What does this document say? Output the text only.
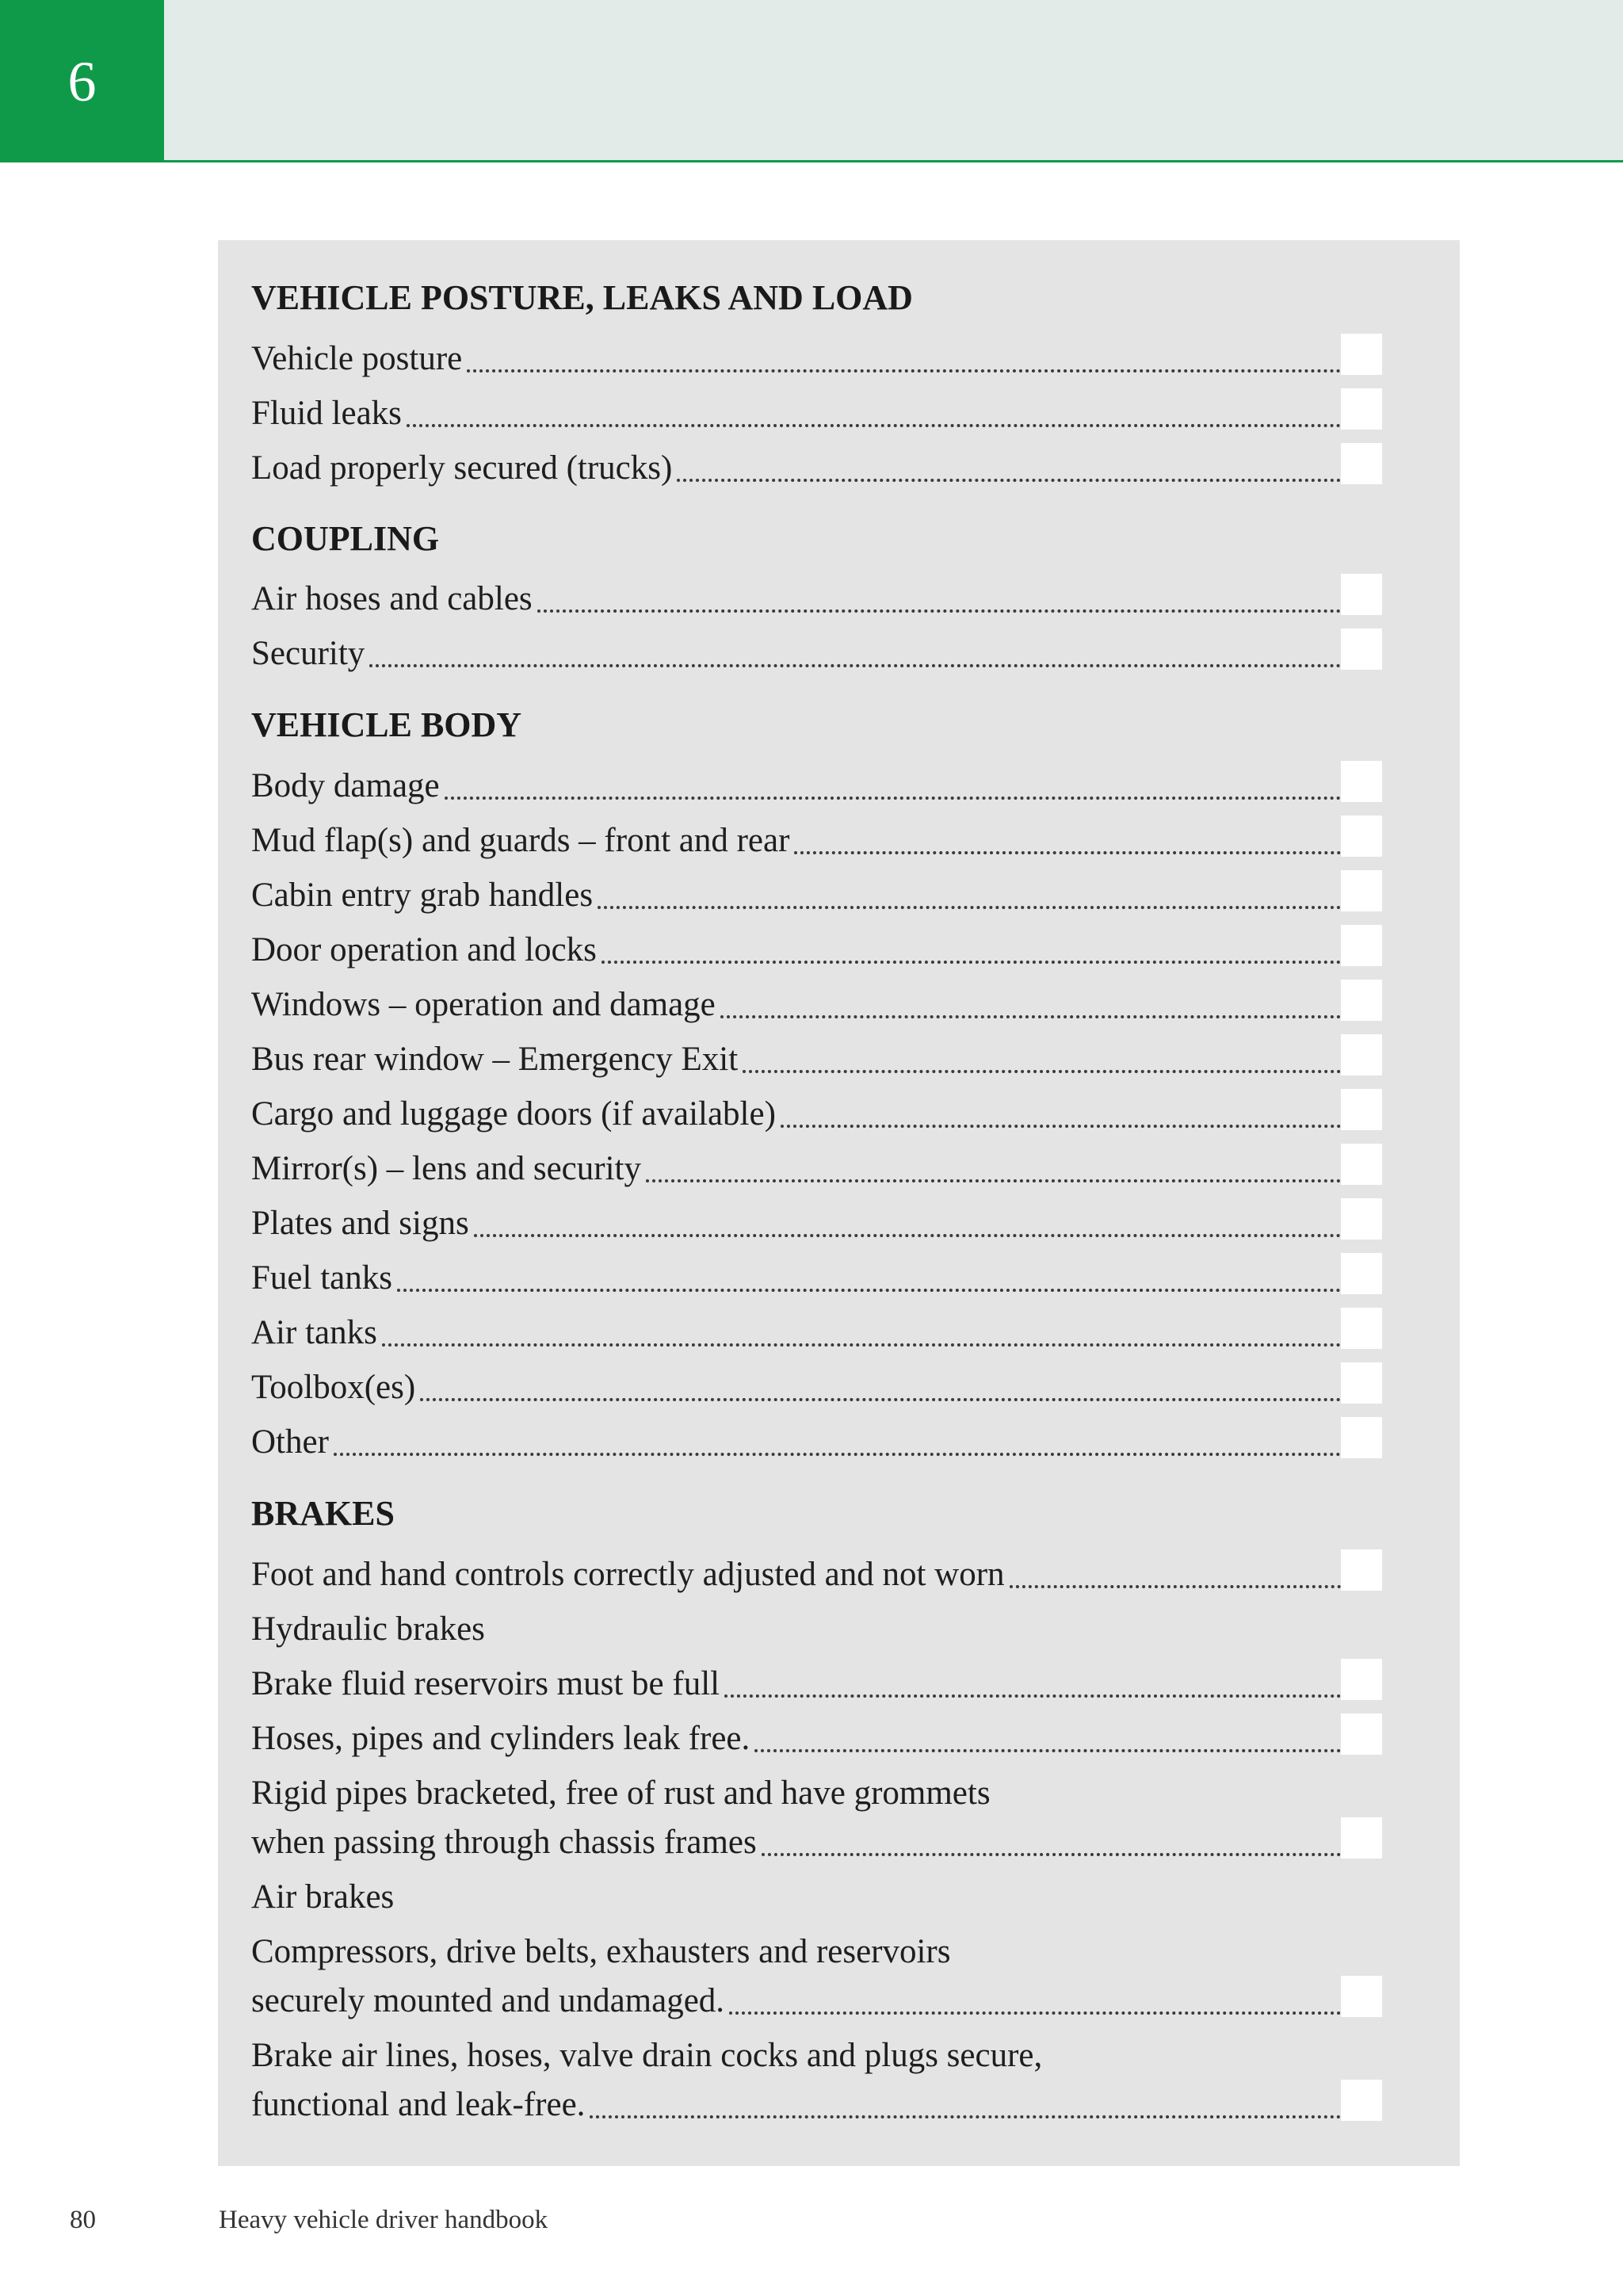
6
VEHICLE POSTURE, LEAKS AND LOAD
Vehicle posture
Fluid leaks
Load properly secured (trucks)
COUPLING
Air hoses and cables
Security
VEHICLE BODY
Body damage
Mud flap(s) and guards – front and rear
Cabin entry grab handles
Door operation and locks
Windows – operation and damage
Bus rear window – Emergency Exit
Cargo and luggage doors (if available)
Mirror(s) – lens and security
Plates and signs
Fuel tanks
Air tanks
Toolbox(es)
Other
BRAKES
Foot and hand controls correctly adjusted and not worn
Hydraulic brakes
Brake fluid reservoirs must be full
Hoses, pipes and cylinders leak free.
Rigid pipes bracketed, free of rust and have grommets
when passing through chassis frames
Air brakes
Compressors, drive belts, exhausters and reservoirs
securely mounted and undamaged.
Brake air lines, hoses, valve drain cocks and plugs secure,
functional and leak-free.
80	Heavy vehicle driver handbook
